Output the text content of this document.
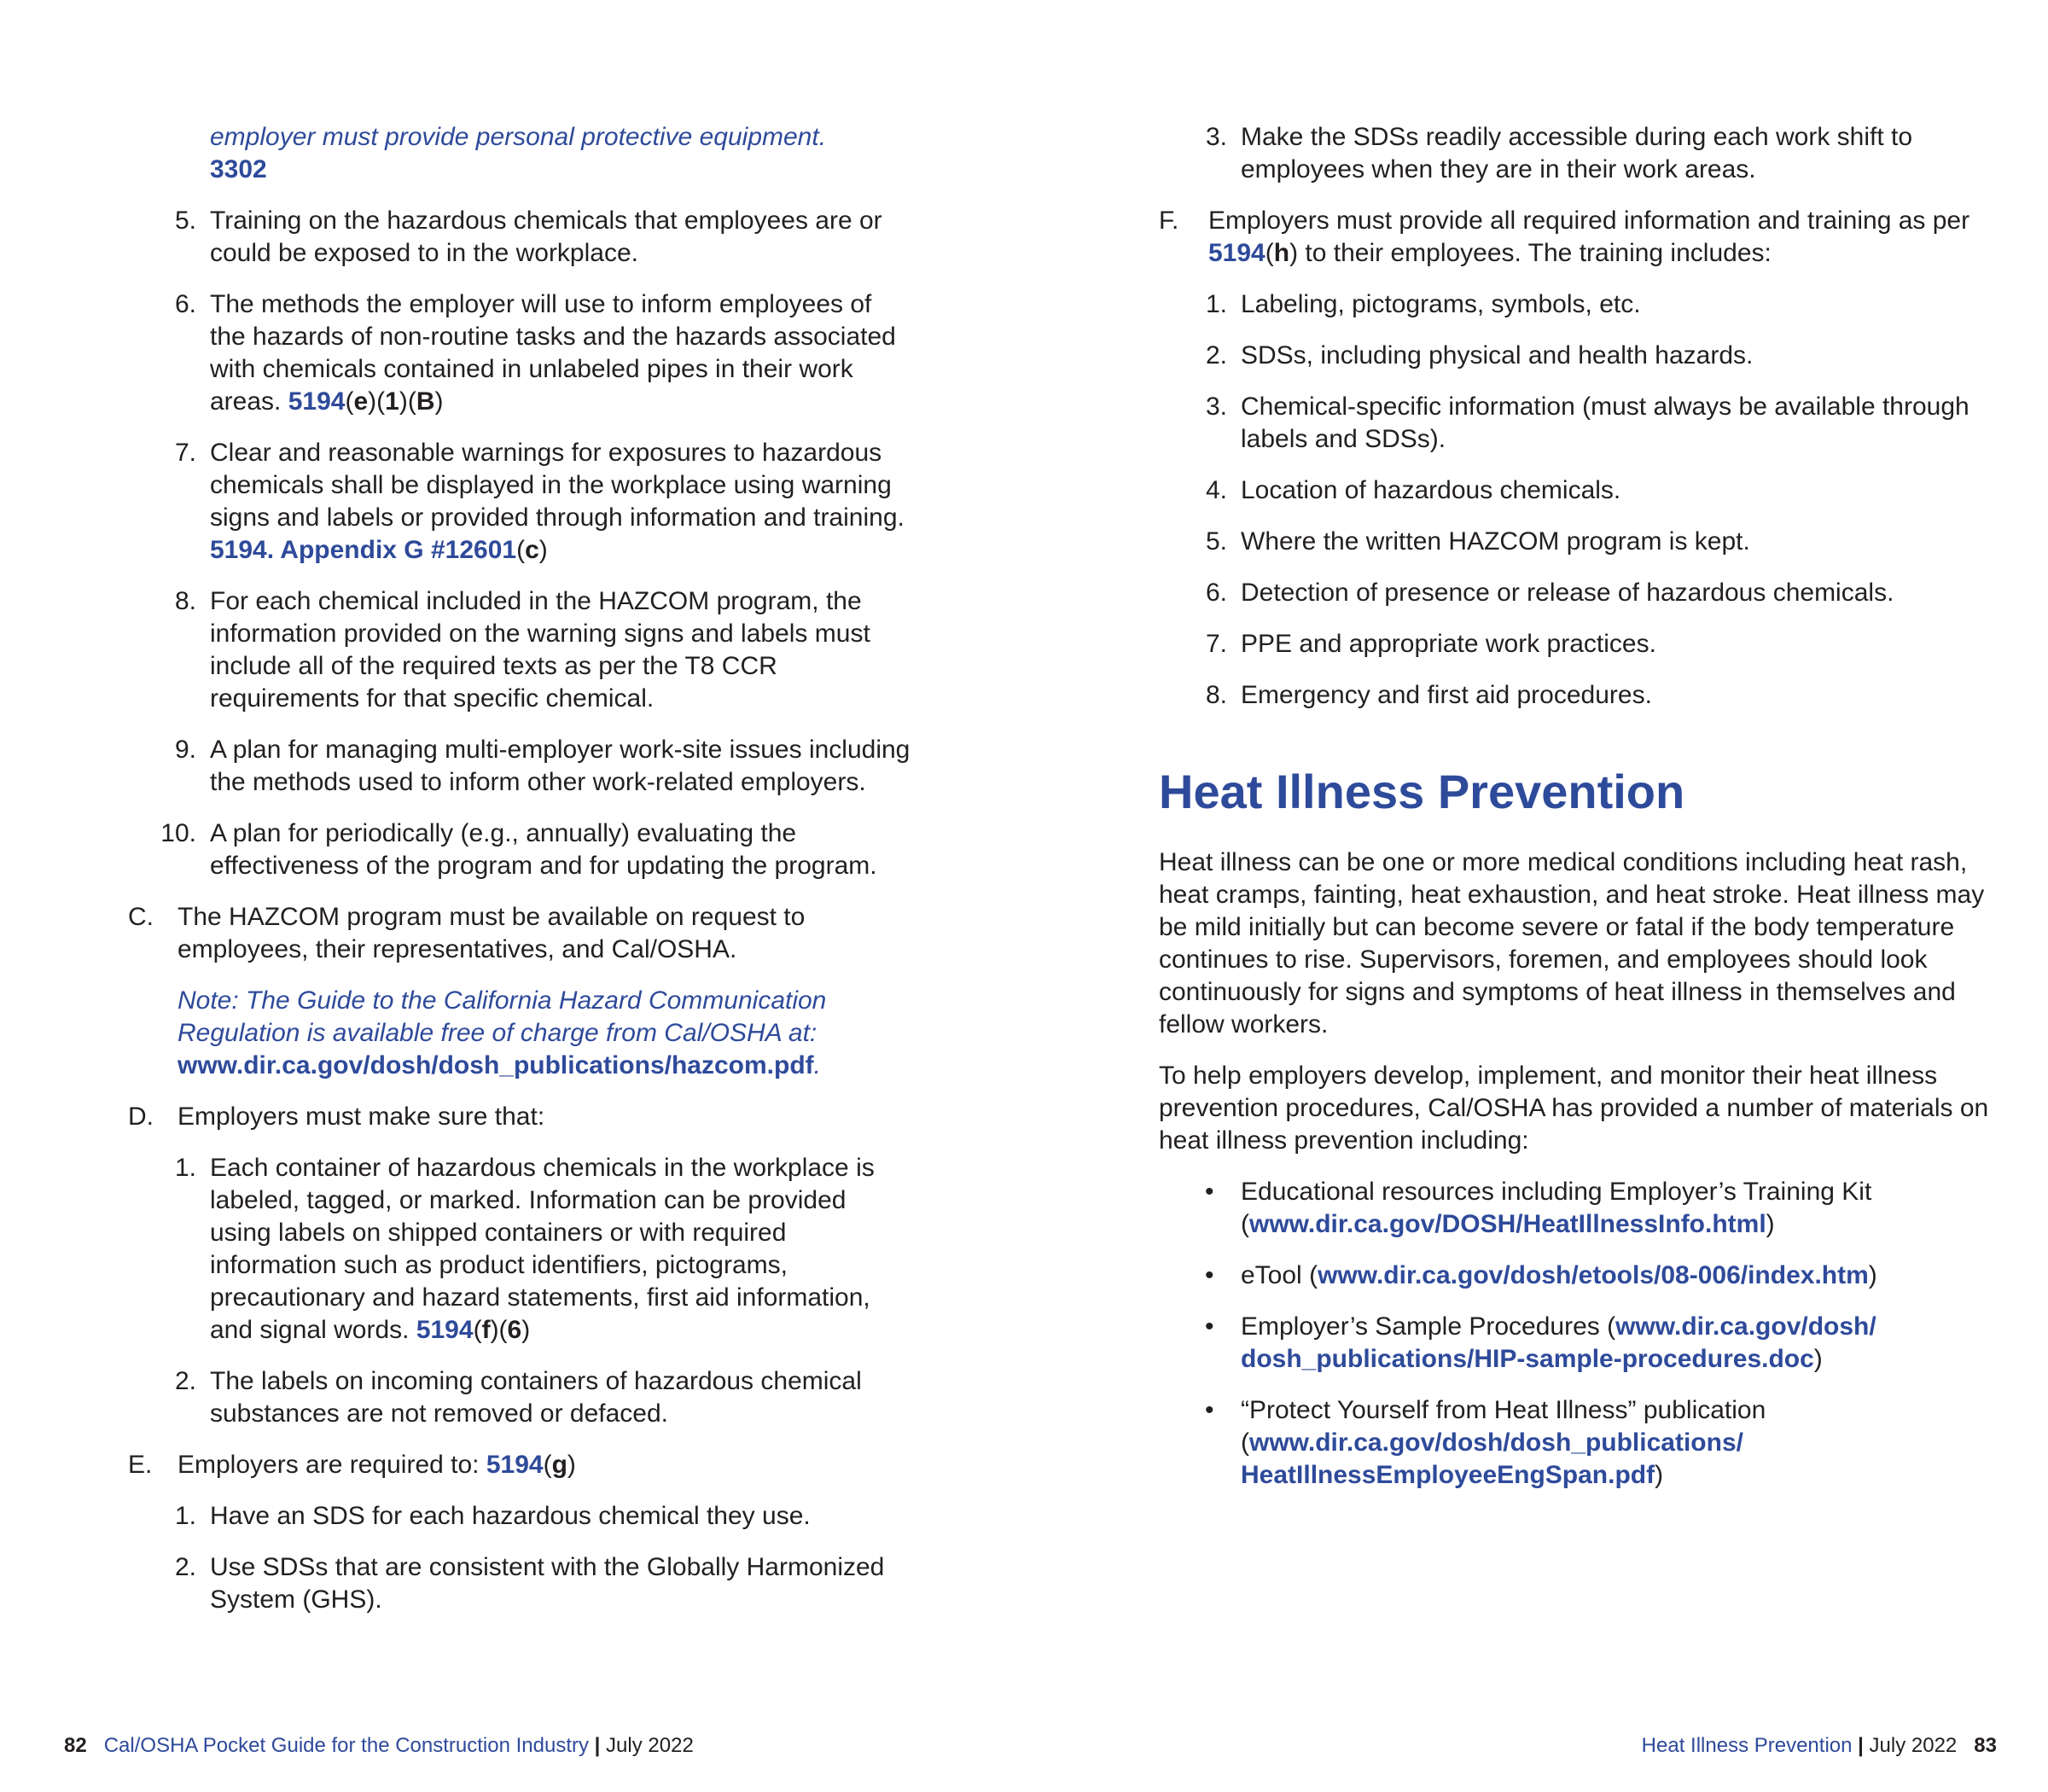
employer must provide personal protective equipment.

3302

5. Training on the hazardous chemicals that employees are or could be exposed to in the workplace.

6. The methods the employer will use to inform employees of the hazards of non-routine tasks and the hazards associated with chemicals contained in unlabeled pipes in their work areas. 5194(e)(1)(B)

7. Clear and reasonable warnings for exposures to hazardous chemicals shall be displayed in the workplace using warning signs and labels or provided through information and training. 5194. Appendix G #12601(c)

8. For each chemical included in the HAZCOM program, the information provided on the warning signs and labels must include all of the required texts as per the T8 CCR requirements for that specific chemical.

9. A plan for managing multi-employer work-site issues including the methods used to inform other work-related employers.

10. A plan for periodically (e.g., annually) evaluating the effectiveness of the program and for updating the program.

C. The HAZCOM program must be available on request to employees, their representatives, and Cal/OSHA.

Note: The Guide to the California Hazard Communication Regulation is available free of charge from Cal/OSHA at: www.dir.ca.gov/dosh/dosh_publications/hazcom.pdf.

D. Employers must make sure that:

1. Each container of hazardous chemicals in the workplace is labeled, tagged, or marked. Information can be provided using labels on shipped containers or with required information such as product identifiers, pictograms, precautionary and hazard statements, first aid information, and signal words. 5194(f)(6)

2. The labels on incoming containers of hazardous chemical substances are not removed or defaced.

E. Employers are required to: 5194(g)

1. Have an SDS for each hazardous chemical they use.

2. Use SDSs that are consistent with the Globally Harmonized System (GHS).

82 Cal/OSHA Pocket Guide for the Construction Industry | July 2022
3. Make the SDSs readily accessible during each work shift to employees when they are in their work areas.

F.	Employers must provide all required information and training as per 5194(h) to their employees. The training includes:

1. Labeling, pictograms, symbols, etc.

2. SDSs, including physical and health hazards.

3. Chemical-specific information (must always be available through labels and SDSs).

4. Location of hazardous chemicals.

5. Where the written HAZCOM program is kept.

6. Detection of presence or release of hazardous chemicals.

7. PPE and appropriate work practices.

8. Emergency and first aid procedures.

Heat Illness Prevention

Heat illness can be one or more medical conditions including heat rash, heat cramps, fainting, heat exhaustion, and heat stroke. Heat illness may be mild initially but can become severe or fatal if the body temperature continues to rise. Supervisors, foremen, and employees should look continuously for signs and symptoms of heat illness in themselves and fellow workers.

To help employers develop, implement, and monitor their heat illness prevention procedures, Cal/OSHA has provided a number of materials on heat illness prevention including:

• Educational resources including Employer’s Training Kit
(www.dir.ca.gov/DOSH/HeatIllnessInfo.html)

• eTool (www.dir.ca.gov/dosh/etools/08-006/index.htm)

• Employer’s Sample Procedures (www.dir.ca.gov/dosh/
dosh_publications/HIP-sample-procedures.doc)

• “Protect Yourself from Heat Illness” publication
(www.dir.ca.gov/dosh/dosh_publications/
HeatIllnessEmployeeEngSpan.pdf)

Heat Illness Prevention | July 2022 83
